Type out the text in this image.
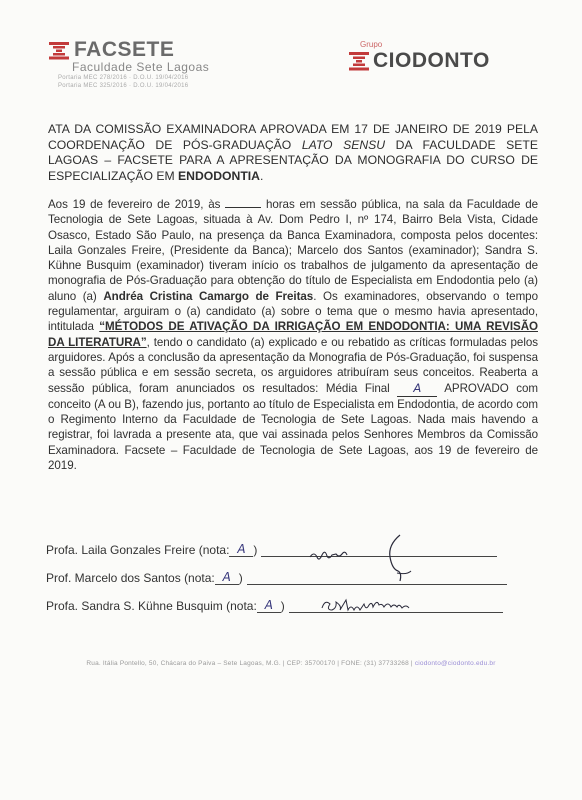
FACSETE
Faculdade Sete Lagoas
Portaria MEC 278/2016 · D.O.U. 19/04/2016
Portaria MEC 325/2016 · D.O.U. 19/04/2016
Grupo
CIODONTO
ATA DA COMISSÃO EXAMINADORA APROVADA EM 17 DE JANEIRO DE 2019 PELA COORDENAÇÃO DE PÓS-GRADUAÇÃO LATO SENSU DA FACULDADE SETE LAGOAS – FACSETE PARA A APRESENTAÇÃO DA MONOGRAFIA DO CURSO DE ESPECIALIZAÇÃO EM ENDODONTIA.
Aos 19 de fevereiro de 2019, às	horas em sessão pública, na sala da Faculdade de Tecnologia de Sete Lagoas, situada à Av. Dom Pedro I, nº 174, Bairro Bela Vista, Cidade Osasco, Estado São Paulo, na presença da Banca Examinadora, composta pelos docentes: Laila Gonzales Freire, (Presidente da Banca); Marcelo dos Santos (examinador); Sandra S. Kühne Busquim (examinador) tiveram início os trabalhos de julgamento da apresentação de monografia de Pós-Graduação para obtenção do título de Especialista em Endodontia pelo (a) aluno (a) Andréa Cristina Camargo de Freitas. Os examinadores, observando o tempo regulamentar, arguiram o (a) candidato (a) sobre o tema que o mesmo havia apresentado, intitulada “MÉTODOS DE ATIVAÇÃO DA IRRIGAÇÃO EM ENDODONTIA: UMA REVISÃO DA LITERATURA”, tendo o candidato (a) explicado e ou rebatido as críticas formuladas pelos arguidores. Após a conclusão da apresentação da Monografia de Pós-Graduação, foi suspensa a sessão pública e em sessão secreta, os arguidores atribuíram seus conceitos. Reaberta a sessão pública, foram anunciados os resultados: Média Final A APROVADO com conceito (A ou B), fazendo jus, portanto ao título de Especialista em Endodontia, de acordo com o Regimento Interno da Faculdade de Tecnologia de Sete Lagoas. Nada mais havendo a registrar, foi lavrada a presente ata, que vai assinada pelos Senhores Membros da Comissão Examinadora. Facsete – Faculdade de Tecnologia de Sete Lagoas, aos 19 de fevereiro de 2019.
Profa. Laila Gonzales Freire (nota: A )
Prof. Marcelo dos Santos (nota: A )
Profa. Sandra S. Kühne Busquim (nota: A )
Rua. Itália Pontello, 50, Chácara do Paiva – Sete Lagoas, M.G. | CEP: 35700170 | FONE: (31) 37733268 | ciodonto@ciodonto.edu.br
